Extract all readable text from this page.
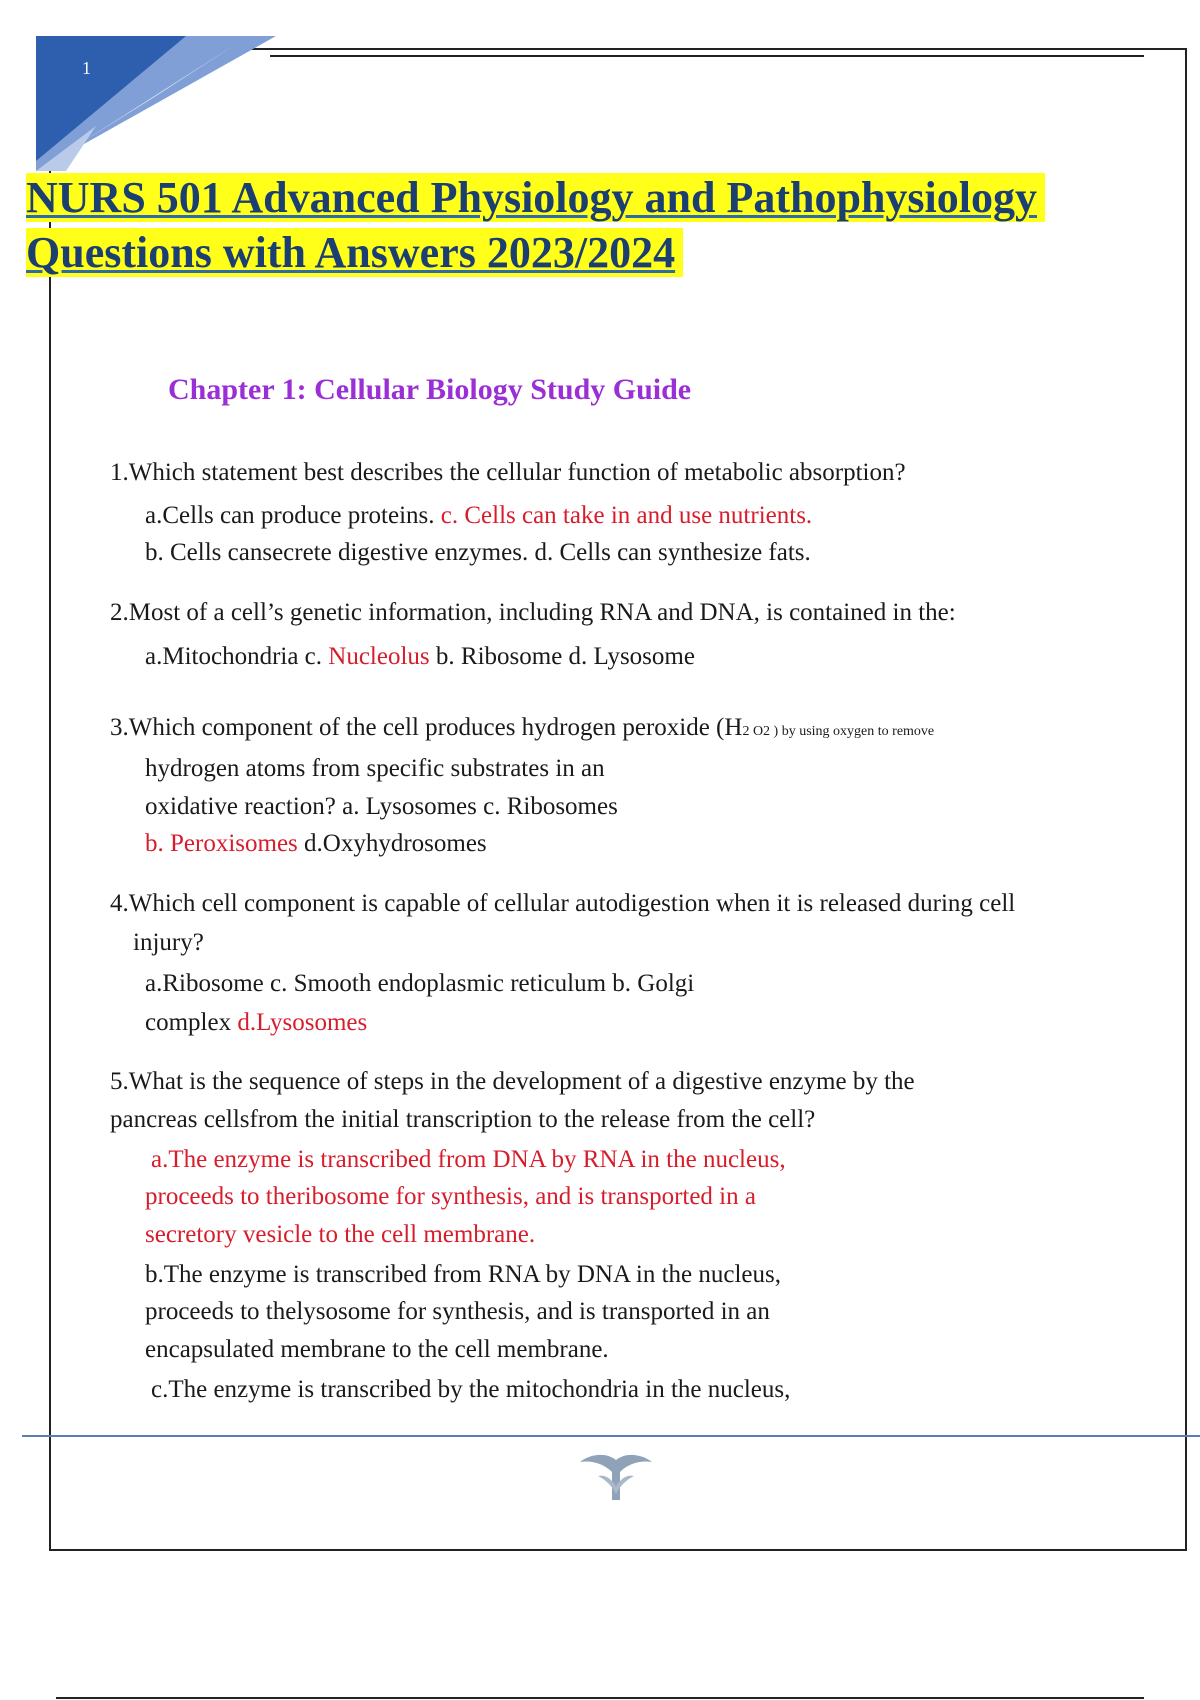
1
NURS 501 Advanced Physiology and Pathophysiology
Questions with Answers 2023/2024
Chapter 1: Cellular Biology Study Guide
1.Which statement best describes the cellular function of metabolic absorption?
a.Cells can produce proteins. c. Cells can take in and use nutrients.
b. Cells cansecrete digestive enzymes. d. Cells can synthesize fats.
2.Most of a cell’s genetic information, including RNA and DNA, is contained in the:
a.Mitochondria c. Nucleolus b. Ribosome d. Lysosome
3.Which component of the cell produces hydrogen peroxide (H2 O2 ) by using oxygen to remove
hydrogen atoms from specific substrates in an
oxidative reaction? a. Lysosomes c. Ribosomes
b. Peroxisomes d.Oxyhydrosomes
4.Which cell component is capable of cellular autodigestion when it is released during cell
injury?
a.Ribosome c. Smooth endoplasmic reticulum b. Golgi
complex d.Lysosomes
5.What is the sequence of steps in the development of a digestive enzyme by the
pancreas cellsfrom the initial transcription to the release from the cell?
a.The enzyme is transcribed from DNA by RNA in the nucleus,
proceeds to theribosome for synthesis, and is transported in a
secretory vesicle to the cell membrane.
b.The enzyme is transcribed from RNA by DNA in the nucleus,
proceeds to thelysosome for synthesis, and is transported in an
encapsulated membrane to the cell membrane.
c.The enzyme is transcribed by the mitochondria in the nucleus,
